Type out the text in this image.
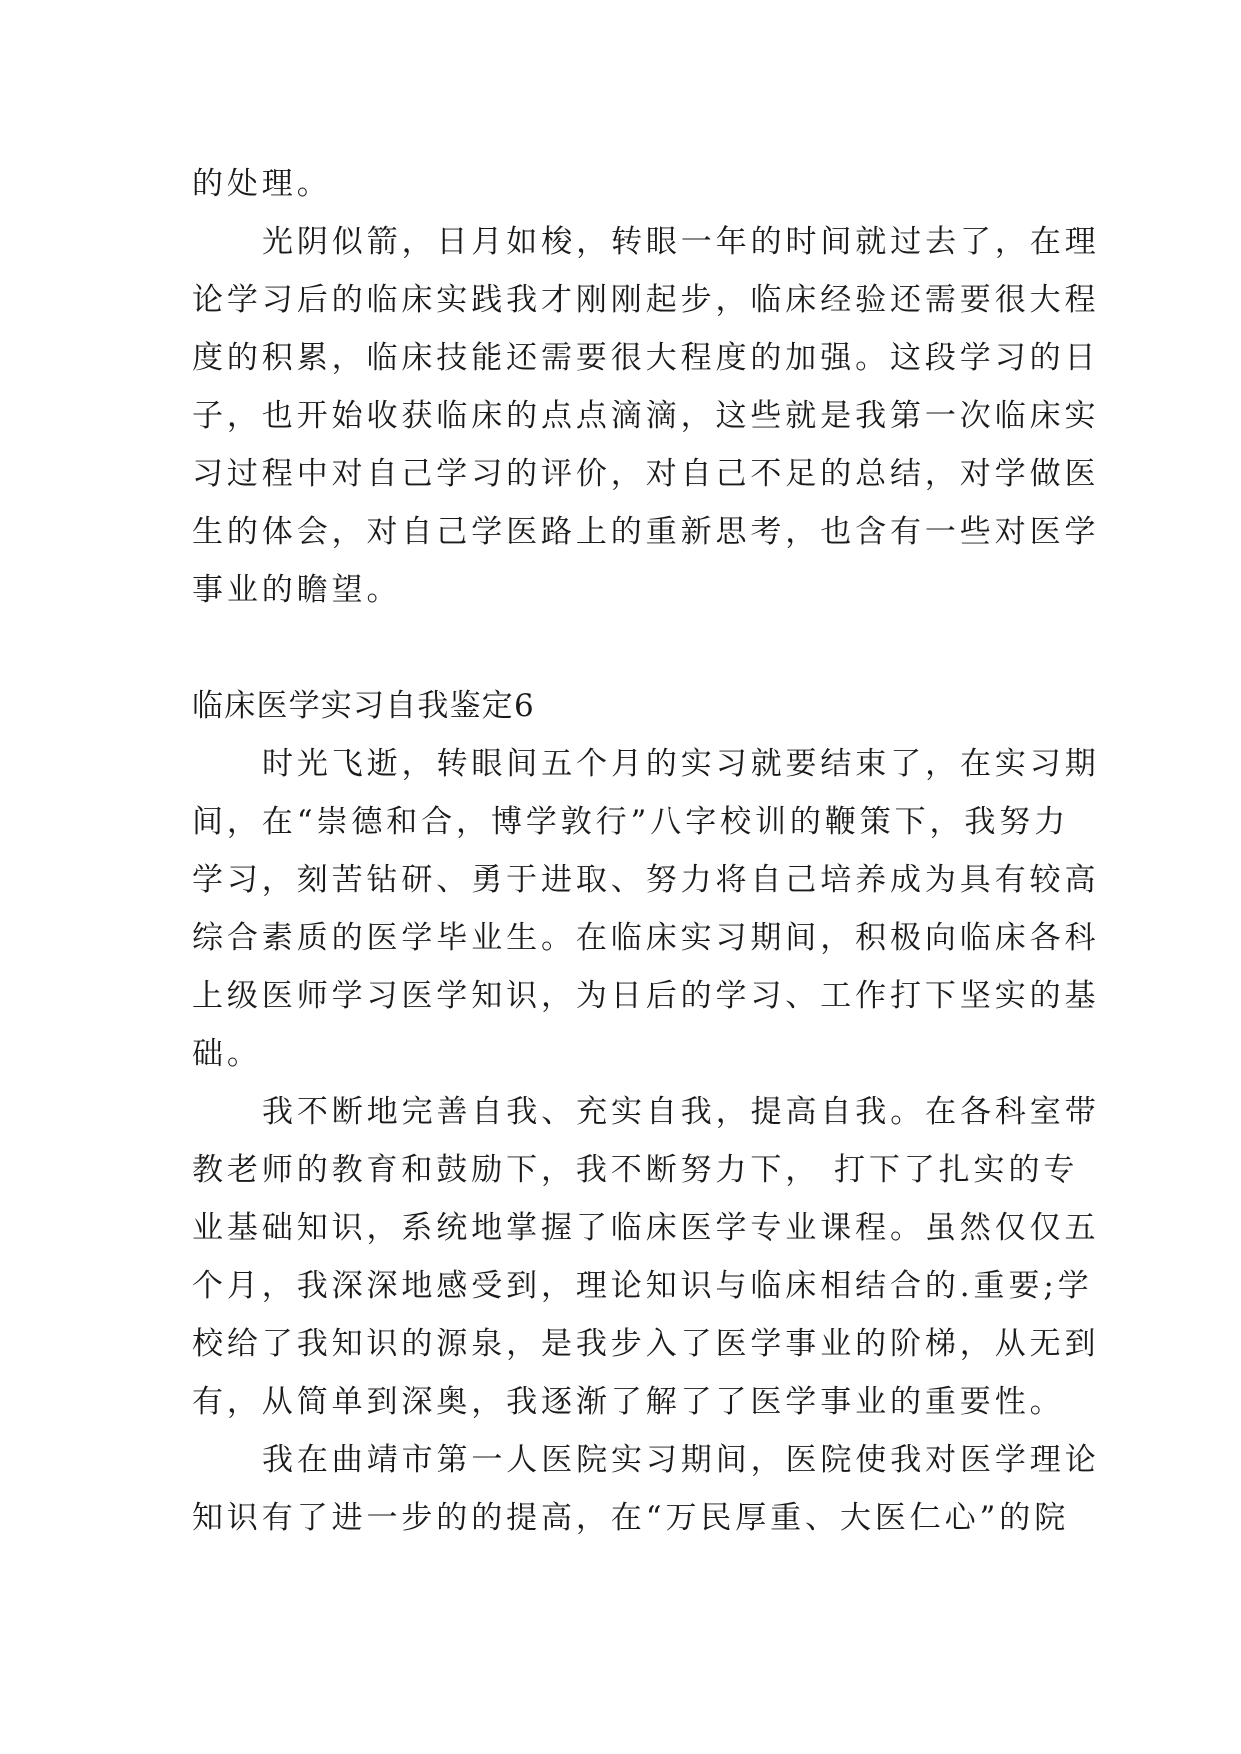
的处理。
光阴似箭，日月如梭，转眼一年的时间就过去了，在理
论学习后的临床实践我才刚刚起步，临床经验还需要很大程
度的积累，临床技能还需要很大程度的加强。这段学习的日
子，也开始收获临床的点点滴滴，这些就是我第一次临床实
习过程中对自己学习的评价，对自己不足的总结，对学做医
生的体会，对自己学医路上的重新思考，也含有一些对医学
事业的瞻望。
临床医学实习自我鉴定6
时光飞逝，转眼间五个月的实习就要结束了，在实习期
间，在“崇德和合，博学敦行”八字校训的鞭策下，我努力
学习，刻苦钻研、勇于进取、努力将自己培养成为具有较高
综合素质的医学毕业生。在临床实习期间，积极向临床各科
上级医师学习医学知识，为日后的学习、工作打下坚实的基
础。
我不断地完善自我、充实自我，提高自我。在各科室带
教老师的教育和鼓励下，我不断努力下， 打下了扎实的专
业基础知识，系统地掌握了临床医学专业课程。虽然仅仅五
个月，我深深地感受到，理论知识与临床相结合的.重要;学
校给了我知识的源泉，是我步入了医学事业的阶梯，从无到
有，从简单到深奥，我逐渐了解了了医学事业的重要性。
我在曲靖市第一人医院实习期间，医院使我对医学理论
知识有了进一步的的提高，在“万民厚重、大医仁心”的院
